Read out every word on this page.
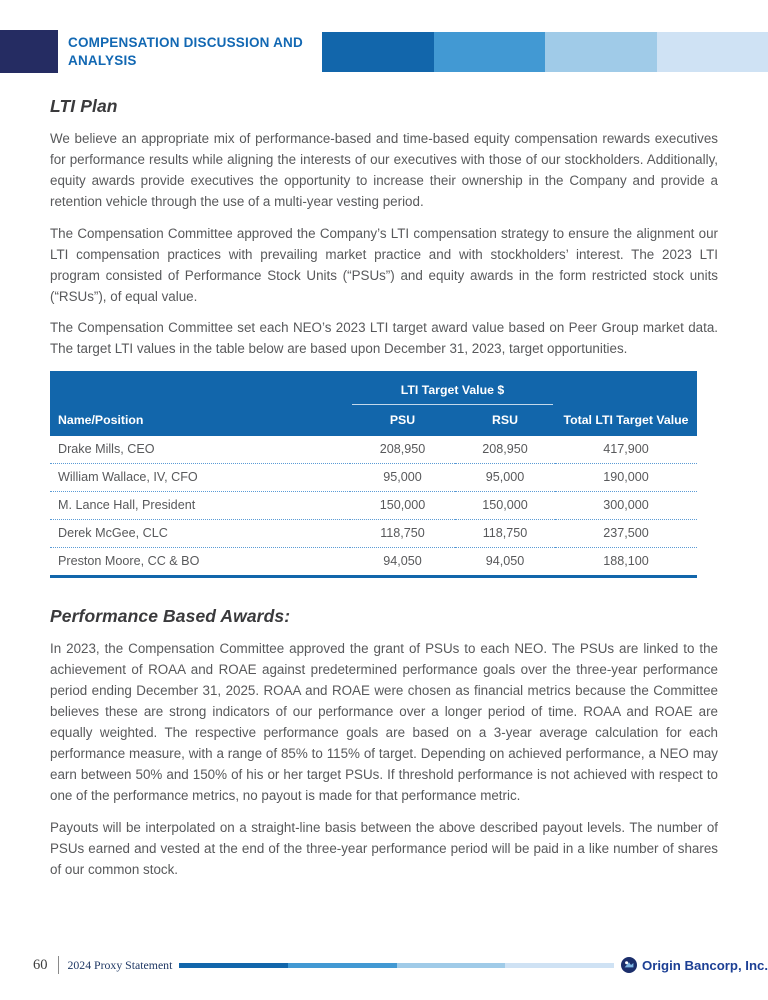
COMPENSATION DISCUSSION AND ANALYSIS
LTI Plan

We believe an appropriate mix of performance-based and time-based equity compensation rewards executives for performance results while aligning the interests of our executives with those of our stockholders. Additionally, equity awards provide executives the opportunity to increase their ownership in the Company and provide a retention vehicle through the use of a multi-year vesting period.

The Compensation Committee approved the Company’s LTI compensation strategy to ensure the alignment our LTI compensation practices with prevailing market practice and with stockholders’ interest. The 2023 LTI program consisted of Performance Stock Units (“PSUs”) and equity awards in the form restricted stock units (“RSUs”), of equal value.

The Compensation Committee set each NEO’s 2023 LTI target award value based on Peer Group market data. The target LTI values in the table below are based upon December 31, 2023, target opportunities.

	LTI Target Value $		

Name/Position	PSU	RSU	Total LTI Target Value
Drake Mills, CEO	208,950	208,950	417,900
William Wallace, IV, CFO	95,000	95,000	190,000
M. Lance Hall, President	150,000	150,000	300,000
Derek McGee, CLC	118,750	118,750	237,500
Preston Moore, CC & BO	94,050	94,050	188,100
Performance Based Awards:

In 2023, the Compensation Committee approved the grant of PSUs to each NEO. The PSUs are linked to the achievement of ROAA and ROAE against predetermined performance goals over the three-year performance period ending December 31, 2025. ROAA and ROAE were chosen as financial metrics because the Committee believes these are strong indicators of our performance over a longer period of time. ROAA and ROAE are equally weighted. The respective performance goals are based on a 3-year average calculation for each performance measure, with a range of 85% to 115% of target. Depending on achieved performance, a NEO may earn between 50% and 150% of his or her target PSUs. If threshold performance is not achieved with respect to one of the performance metrics, no payout is made for that performance metric.

Payouts will be interpolated on a straight-line basis between the above described payout levels. The number of PSUs earned and vested at the end of the three-year performance period will be paid in a like number of shares of our common stock.

60 2024 Proxy Statement	Origin Bancorp, Inc.
